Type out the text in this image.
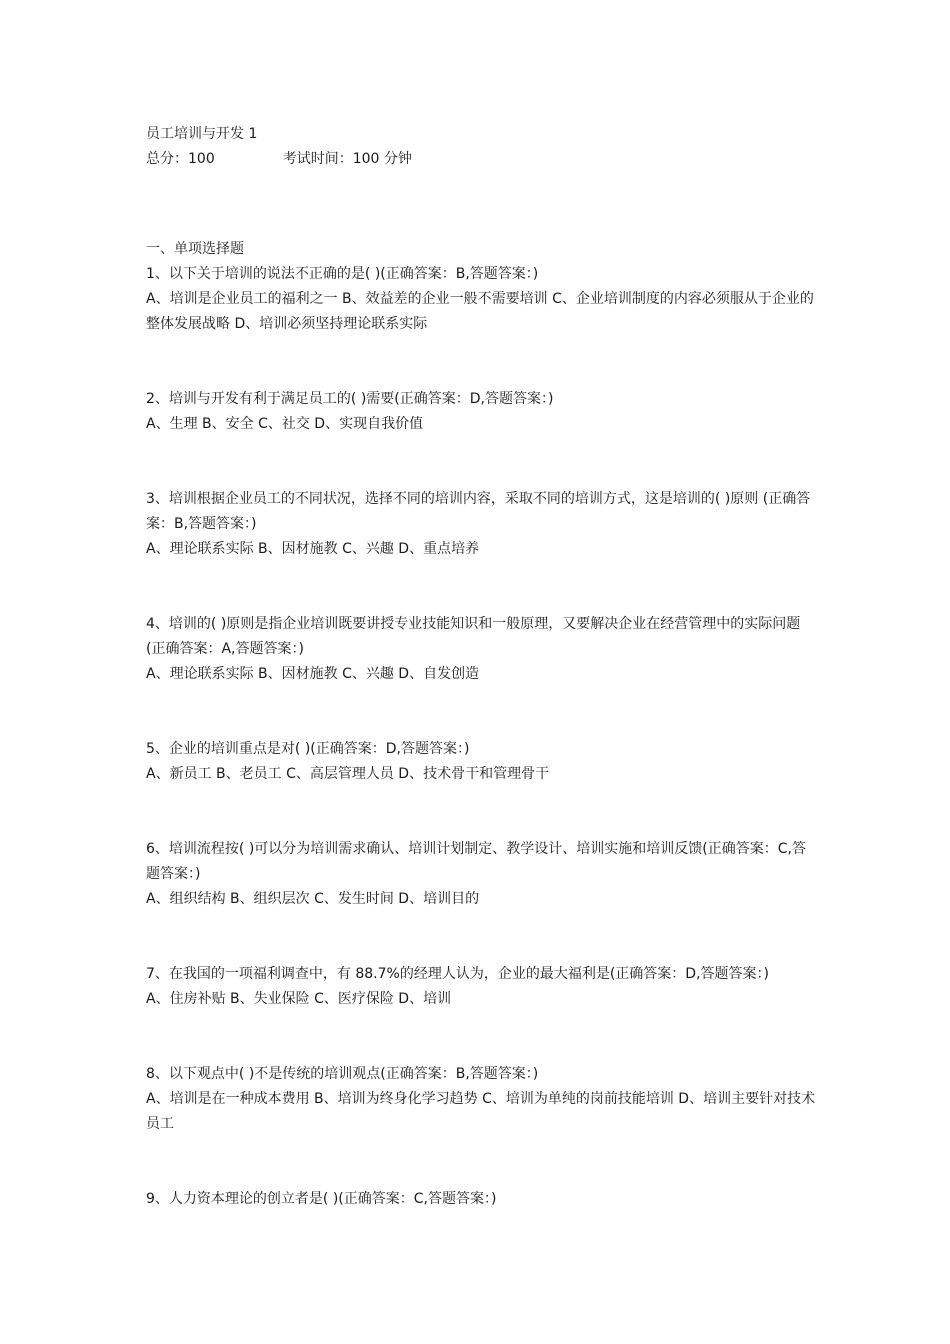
员工培训与开发 1
总分：100	考试时间：100 分钟
一、单项选择题
1、以下关于培训的说法不正确的是( )(正确答案：B,答题答案：)
A、培训是企业员工的福利之一 B、效益差的企业一般不需要培训 C、企业培训制度的内容必须服从于企业的整体发展战略 D、培训必须坚持理论联系实际
2、培训与开发有利于满足员工的( )需要(正确答案：D,答题答案：)
A、生理 B、安全 C、社交 D、实现自我价值
3、培训根据企业员工的不同状况，选择不同的培训内容，采取不同的培训方式，这是培训的( )原则 (正确答案：B,答题答案：)
A、理论联系实际 B、因材施教 C、兴趣 D、重点培养
4、培训的( )原则是指企业培训既要讲授专业技能知识和一般原理，又要解决企业在经营管理中的实际问题(正确答案：A,答题答案：)
A、理论联系实际 B、因材施教 C、兴趣 D、自发创造
5、企业的培训重点是对( )(正确答案：D,答题答案：)
A、新员工 B、老员工 C、高层管理人员 D、技术骨干和管理骨干
6、培训流程按( )可以分为培训需求确认、培训计划制定、教学设计、培训实施和培训反馈(正确答案：C,答题答案：)
A、组织结构 B、组织层次 C、发生时间 D、培训目的
7、在我国的一项福利调查中，有 88.7%的经理人认为，企业的最大福利是(正确答案：D,答题答案：)
A、住房补贴 B、失业保险 C、医疗保险 D、培训
8、以下观点中( )不是传统的培训观点(正确答案：B,答题答案：)
A、培训是在一种成本费用 B、培训为终身化学习趋势 C、培训为单纯的岗前技能培训 D、培训主要针对技术员工
9、人力资本理论的创立者是( )(正确答案：C,答题答案：)
